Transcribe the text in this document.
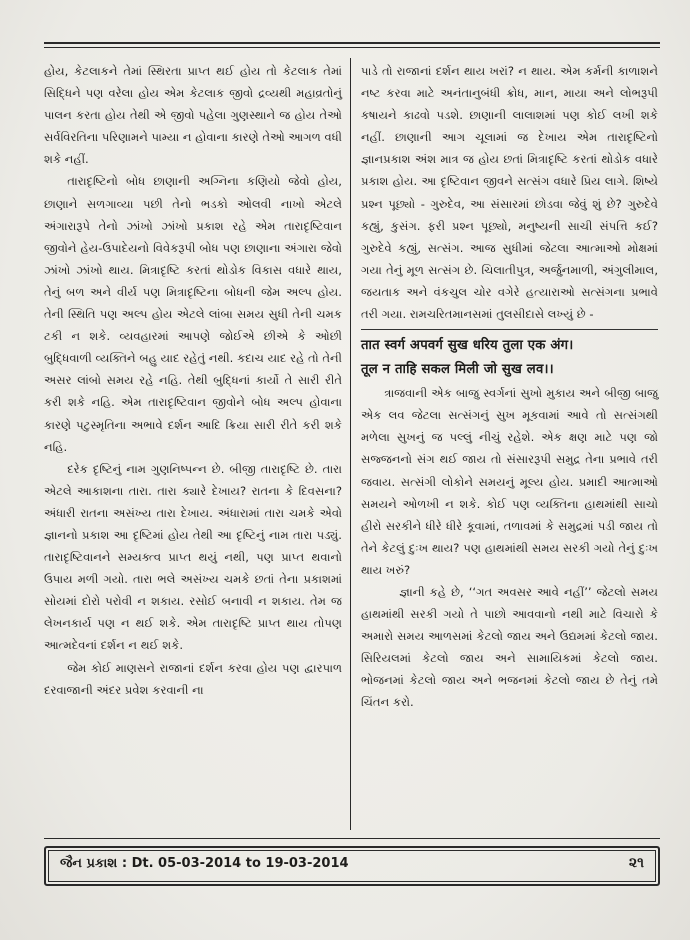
હોય, કેટલાકને તેમાં સ્થિરતા પ્રાપ્ત થઈ હોય તો કેટલાક તેમાં સિદ્ધિને પણ વરેલા હોય એમ કેટલાક જીવો દ્રવ્યથી મહાવ્રતોનું પાલન કરતા હોય તેથી એ જીવો પહેલા ગુણસ્થાને જ હોય તેઓ સર્વવિરતિના પરિણામને પામ્યા ન હોવાના કારણે તેઓ આગળ વધી શકે નહીં.

તારાદૃષ્ટિનો બોધ છાણાની અગ્નિના કણિયો જેવો હોય, છાણાને સળગાવ્યા પછી તેનો ભડકો ઓલવી નાખો એટલે અંગારારૂપે તેનો ઝાંખો ઝાંખો પ્રકાશ રહે એમ તારાદૃષ્ટિવાન જીવોને હેય-ઉપાદેયનો વિવેકરૂપી બોધ પણ છાણાના અંગારા જેવો ઝાંખો ઝાંખો થાય. મિત્રાદૃષ્ટિ કરતાં થોડોક વિકાસ વધારે થાય, તેનું બળ અને વીર્ય પણ મિત્રાદૃષ્ટિના બોધની જેમ અલ્પ હોય. તેની સ્થિતિ પણ અલ્પ હોય એટલે લાંબા સમય સુધી તેની ચમક ટકી ન શકે. વ્યવહારમાં આપણે જોઈએ છીએ કે ઓછી બુદ્ધિવાળી વ્યક્તિને બહુ યાદ રહેતું નથી. કદાચ યાદ રહે તો તેની અસર લાંબો સમય રહે નહિ. તેથી બુદ્ધિનાં કાર્યો તે સારી રીતે કરી શકે નહિ. એમ તારાદૃષ્ટિવાન જીવોને બોધ અલ્પ હોવાના કારણે પટુસ્મૃતિના અભાવે દર્શન આદિ ક્રિયા સારી રીતે કરી શકે નહિ.

દરેક દૃષ્ટિનું નામ ગુણનિષ્પન્ન છે. બીજી તારાદૃષ્ટિ છે. તારા એટલે આકાશના તારા. તારા ક્યારે દેખાય? રાતના કે દિવસના? અંધારી રાતના અસંખ્ય તારા દેખાય. અંધારામાં તારા ચમકે એવો જ્ઞાનનો પ્રકાશ આ દૃષ્ટિમાં હોય તેથી આ દૃષ્ટિનું નામ તારા પડ્યું. તારાદૃષ્ટિવાનને સમ્યક્ત્વ પ્રાપ્ત થયું નથી, પણ પ્રાપ્ત થવાનો ઉપાય મળી ગયો. તારા ભલે અસંખ્ય ચમકે છતાં તેના પ્રકાશમાં સોયમાં દોરો પરોવી ન શકાય. રસોઈ બનાવી ન શકાય. તેમ જ લેખનકાર્ય પણ ન થઈ શકે. એમ તારાદૃષ્ટિ પ્રાપ્ત થાય તોપણ આત્મદેવનાં દર્શન ન થઈ શકે.

જેમ કોઈ માણસને રાજાનાં દર્શન કરવા હોય પણ દ્વારપાળ દરવાજાની અંદર પ્રવેશ કરવાની ના

પાડે તો રાજાનાં દર્શન થાય ખરાં? ન થાય. એમ કર્મની કાળાશને નષ્ટ કરવા માટે અનંતાનુબંધી ક્રોધ, માન, માયા અને લોભરૂપી કષાયને કાઢવો પડશે. છાણાની લાલાશમાં પણ કોઈ લખી શકે નહીં. છાણાની આગ ચૂલામાં જ દેખાય એમ તારાદૃષ્ટિનો જ્ઞાનપ્રકાશ અંશ માત્ર જ હોય છતાં મિત્રાદૃષ્ટિ કરતાં થોડોક વધારે પ્રકાશ હોય. આ દૃષ્ટિવાન જીવને સત્સંગ વધારે પ્રિય લાગે. શિષ્યે પ્રશ્ન પૂછ્યો - ગુરુદેવ, આ સંસારમાં છોડવા જેવું શું છે? ગુરુદેવે કહ્યું, કુસંગ. ફરી પ્રશ્ન પૂછ્યો, મનુષ્યની સાચી સંપત્તિ કઈ? ગુરુદેવે કહ્યું, સત્સંગ. આજ સુધીમાં જેટલા આત્માઓ મોક્ષમાં ગયા તેનું મૂળ સત્સંગ છે. ચિલાતીપુત્ર, અર્જુનમાળી, અંગુલીમાલ, જયતાક અને વંકચુલ ચોર વગેરે હત્યારાઓ સત્સંગના પ્રભાવે તરી ગયા. રામચરિતમાનસમાં તુલસીદાસે લખ્યું છે -

तात स्वर्ग अपवर्ग सुख धरिय तुला एक अंग।

तूल न ताहि सकल मिली जो सुख लव।।

ત્રાજવાની એક બાજુ સ્વર્ગનાં સુખો મુકાય અને બીજી બાજુ એક લવ જેટલા સત્સંગનું સુખ મૂકવામાં આવે તો સત્સંગથી મળેલા સુખનું જ પલ્લું નીચું રહેશે. એક ક્ષણ માટે પણ જો સજ્જનનો સંગ થઈ જાય તો સંસારરૂપી સમુદ્ર તેના પ્રભાવે તરી જવાય. સત્સંગી લોકોને સમયનું મૂલ્ય હોય. પ્રમાદી આત્માઓ સમયને ઓળખી ન શકે. કોઈ પણ વ્યક્તિના હાથમાંથી સાચો હીરો સરકીને ધીરે ધીરે કૂવામાં, તળાવમાં કે સમુદ્રમાં પડી જાય તો તેને કેટલું દુઃખ થાય? પણ હાથમાંથી સમય સરકી ગયો તેનું દુઃખ થાય ખરું?

જ્ઞાની કહે છે, ‘‘ગત અવસર આવે નહીં’’ જેટલો સમય હાથમાંથી સરકી ગયો તે પાછો આવવાનો નથી માટે વિચારો કે અમારો સમય આળસમાં કેટલો જાય અને ઉદ્યમમાં કેટલો જાય. સિરિયલમાં કેટલો જાય અને સામાયિકમાં કેટલો જાય. ભોજનમાં કેટલો જાય અને ભજનમાં કેટલો જાય છે તેનું તમે ચિંતન કરો.

જૈન પ્રકાશ : Dt. 05-03-2014 to 19-03-2014	૨૧
